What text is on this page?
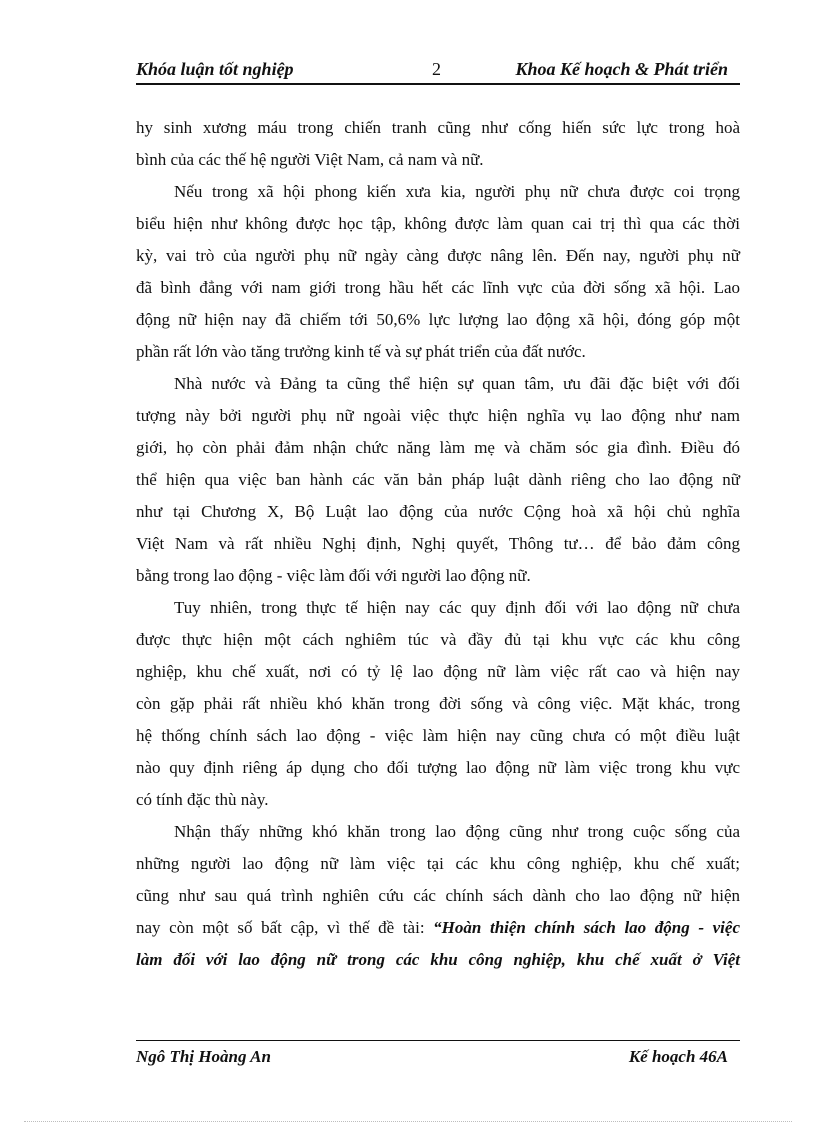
Khóa luận tốt nghiệp	2	Khoa Kế hoạch & Phát triển
hy sinh xương máu trong chiến tranh cũng như cống hiến sức lực trong hoà
bình của các thế hệ người Việt Nam, cả nam và nữ.
Nếu trong xã hội phong kiến xưa kia, người phụ nữ chưa được coi trọng
biểu hiện như không được học tập, không được làm quan cai trị thì qua các thời
kỳ, vai trò của người phụ nữ ngày càng được nâng lên. Đến nay, người phụ nữ
đã bình đẳng với nam giới trong hầu hết các lĩnh vực của đời sống xã hội. Lao
động nữ hiện nay đã chiếm tới 50,6% lực lượng lao động xã hội, đóng góp một
phần rất lớn vào tăng trưởng kinh tế và sự phát triển của đất nước.
Nhà nước và Đảng ta cũng thể hiện sự quan tâm, ưu đãi đặc biệt với đối
tượng này bởi người phụ nữ ngoài việc thực hiện nghĩa vụ lao động như nam
giới, họ còn phải đảm nhận chức năng làm mẹ và chăm sóc gia đình. Điều đó
thể hiện qua việc ban hành các văn bản pháp luật dành riêng cho lao động nữ
như tại Chương X, Bộ Luật lao động của nước Cộng hoà xã hội chủ nghĩa
Việt Nam và rất nhiều Nghị định, Nghị quyết, Thông tư… để bảo đảm công
bằng trong lao động - việc làm đối với người lao động nữ.
Tuy nhiên, trong thực tế hiện nay các quy định đối với lao động nữ chưa
được thực hiện một cách nghiêm túc và đầy đủ tại khu vực các khu công
nghiệp, khu chế xuất, nơi có tỷ lệ lao động nữ làm việc rất cao và hiện nay
còn gặp phải rất nhiều khó khăn trong đời sống và công việc. Mặt khác, trong
hệ thống chính sách lao động - việc làm hiện nay cũng chưa có một điều luật
nào quy định riêng áp dụng cho đối tượng lao động nữ làm việc trong khu vực
có tính đặc thù này.
Nhận thấy những khó khăn trong lao động cũng như trong cuộc sống của
những người lao động nữ làm việc tại các khu công nghiệp, khu chế xuất;
cũng như sau quá trình nghiên cứu các chính sách dành cho lao động nữ hiện
nay còn một số bất cập, vì thế đề tài: “Hoàn thiện chính sách lao động - việc
làm đối với lao động nữ trong các khu công nghiệp, khu chế xuất ở Việt
Ngô Thị Hoàng An	Kế hoạch 46A
